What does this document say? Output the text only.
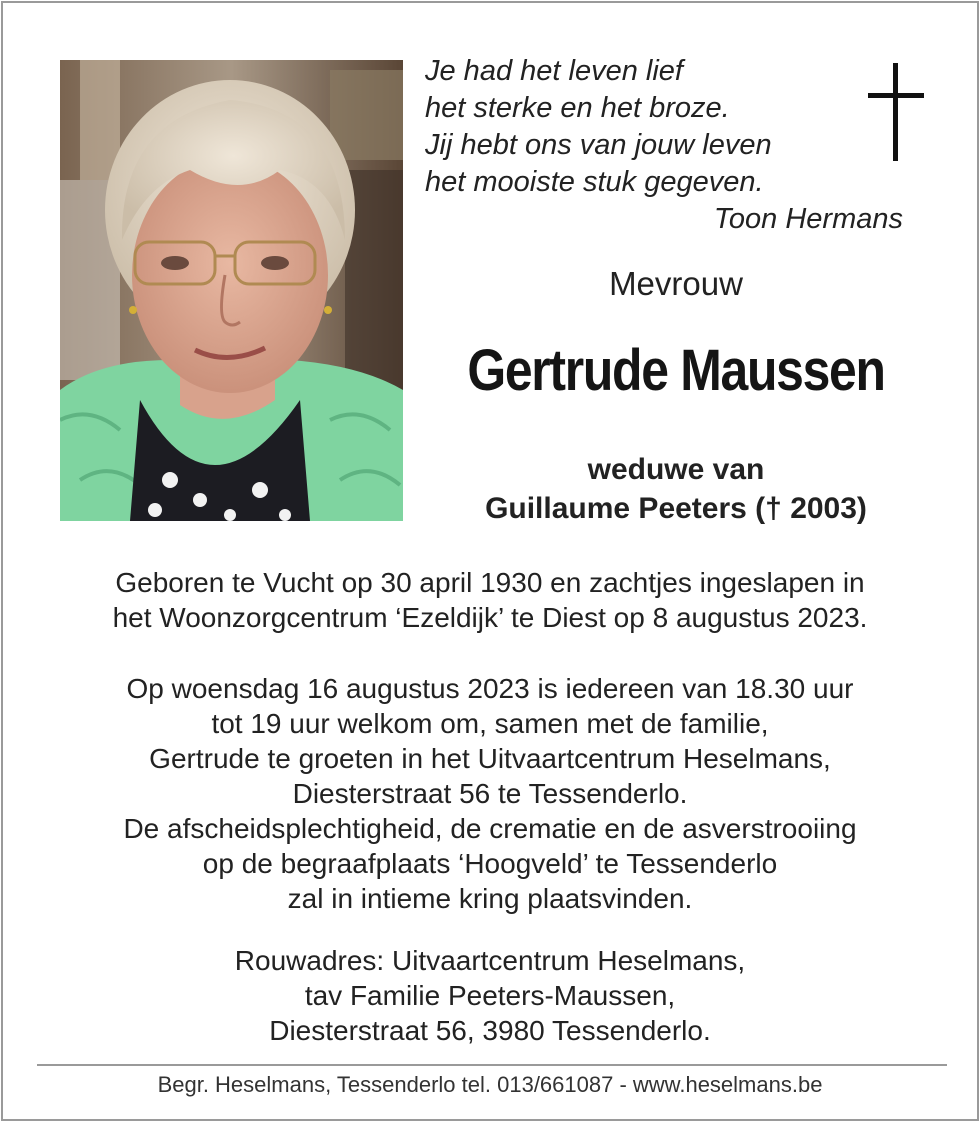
Je had het leven lief
het sterke en het broze.
Jij hebt ons van jouw leven
het mooiste stuk gegeven.
Toon Hermans
Mevrouw
Gertrude Maussen
weduwe van
Guillaume Peeters († 2003)
Geboren te Vucht op 30 april 1930 en zachtjes ingeslapen in
het Woonzorgcentrum ‘Ezeldijk’ te Diest op 8 augustus 2023.
Op woensdag 16 augustus 2023 is iedereen van 18.30 uur
tot 19 uur welkom om, samen met de familie,
Gertrude te groeten in het Uitvaartcentrum Heselmans,
Diesterstraat 56 te Tessenderlo.
De afscheidsplechtigheid, de crematie en de asverstrooiing
op de begraafplaats ‘Hoogveld’ te Tessenderlo
zal in intieme kring plaatsvinden.
Rouwadres: Uitvaartcentrum Heselmans,
tav Familie Peeters-Maussen,
Diesterstraat 56, 3980 Tessenderlo.
Begr. Heselmans, Tessenderlo tel. 013/661087 - www.heselmans.be
